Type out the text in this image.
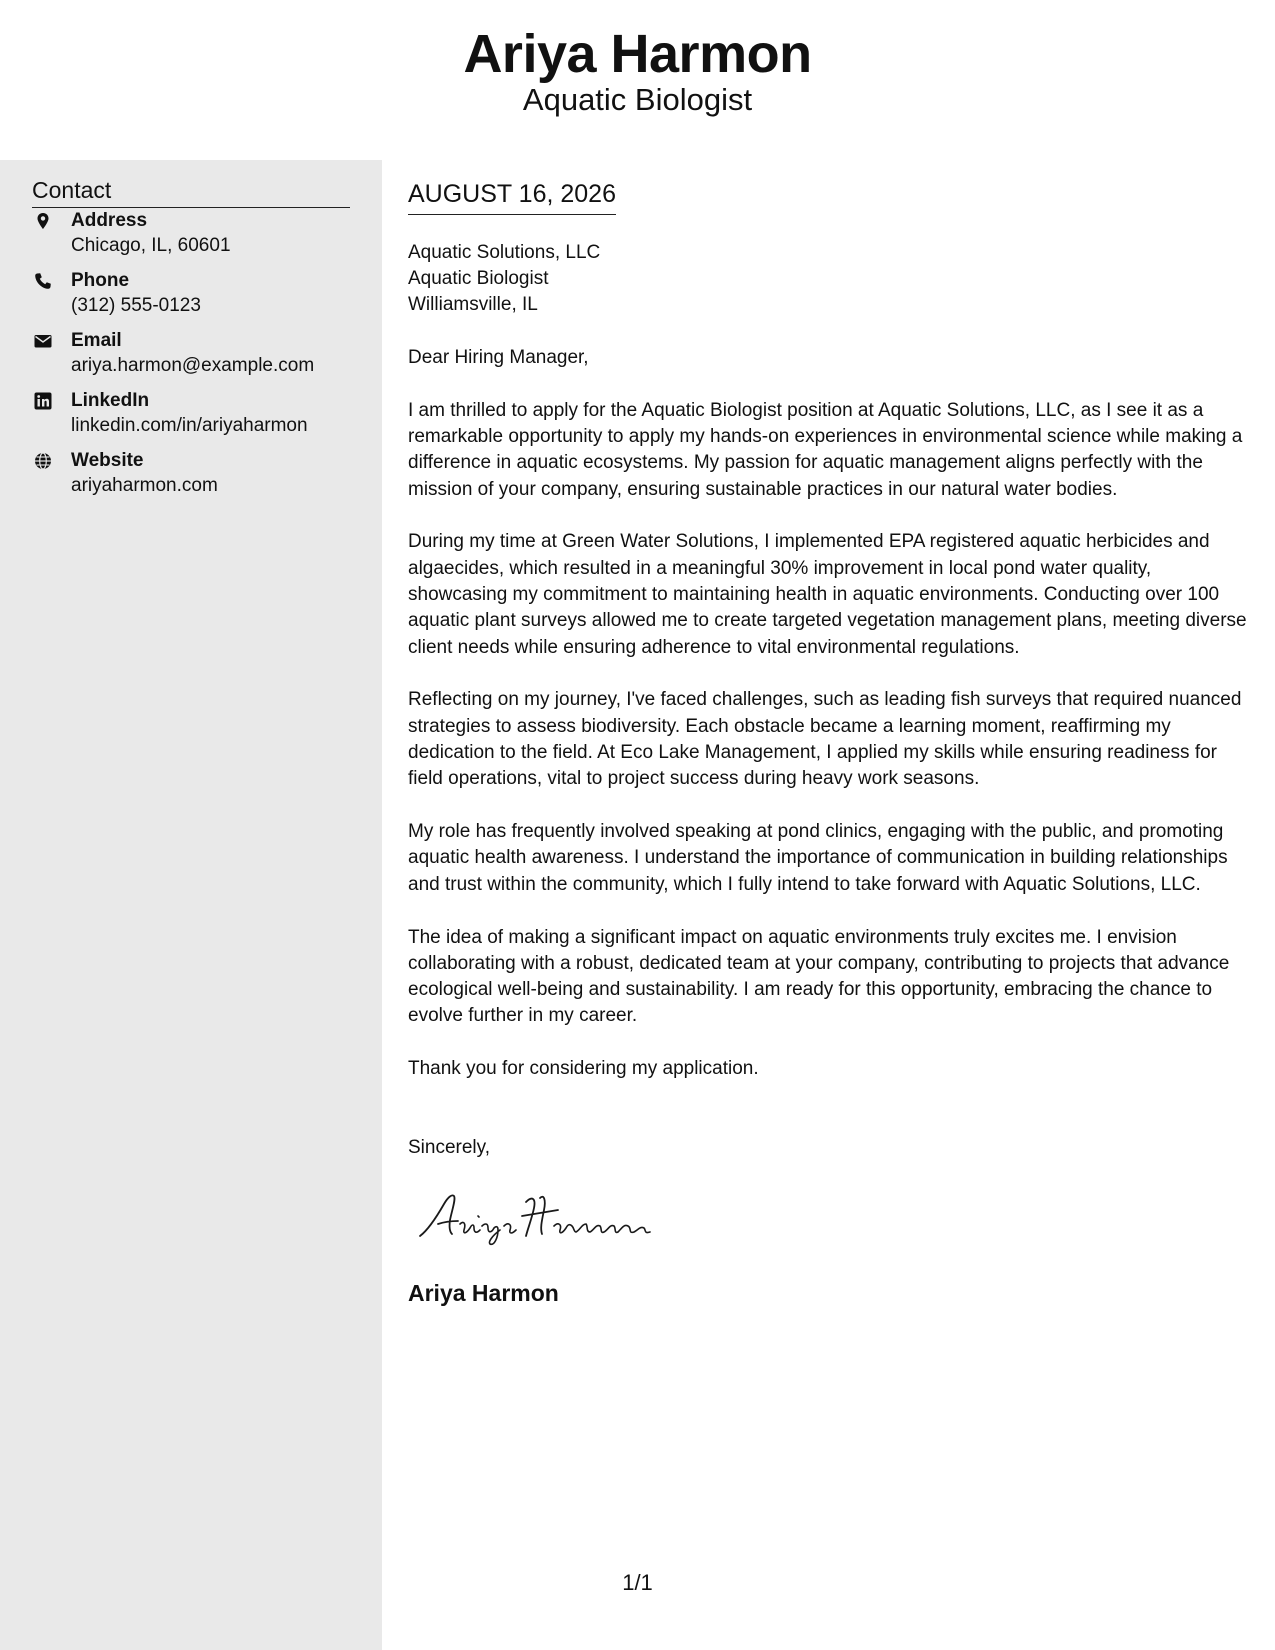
Ariya Harmon
Aquatic Biologist
Contact
Address
Chicago, IL, 60601
Phone
(312) 555-0123
Email
ariya.harmon@example.com
LinkedIn
linkedin.com/in/ariyaharmon
Website
ariyaharmon.com
AUGUST 16, 2026
Aquatic Solutions, LLC
Aquatic Biologist
Williamsville, IL

Dear Hiring Manager,

I am thrilled to apply for the Aquatic Biologist position at Aquatic Solutions, LLC, as I see it as a remarkable opportunity to apply my hands-on experiences in environmental science while making a difference in aquatic ecosystems. My passion for aquatic management aligns perfectly with the mission of your company, ensuring sustainable practices in our natural water bodies.

During my time at Green Water Solutions, I implemented EPA registered aquatic herbicides and algaecides, which resulted in a meaningful 30% improvement in local pond water quality, showcasing my commitment to maintaining health in aquatic environments. Conducting over 100 aquatic plant surveys allowed me to create targeted vegetation management plans, meeting diverse client needs while ensuring adherence to vital environmental regulations.

Reflecting on my journey, I've faced challenges, such as leading fish surveys that required nuanced strategies to assess biodiversity. Each obstacle became a learning moment, reaffirming my dedication to the field. At Eco Lake Management, I applied my skills while ensuring readiness for field operations, vital to project success during heavy work seasons.

My role has frequently involved speaking at pond clinics, engaging with the public, and promoting aquatic health awareness. I understand the importance of communication in building relationships and trust within the community, which I fully intend to take forward with Aquatic Solutions, LLC.

The idea of making a significant impact on aquatic environments truly excites me. I envision collaborating with a robust, dedicated team at your company, contributing to projects that advance ecological well-being and sustainability. I am ready for this opportunity, embracing the chance to evolve further in my career.

Thank you for considering my application.

Sincerely,
Ariya Harmon
1/1
